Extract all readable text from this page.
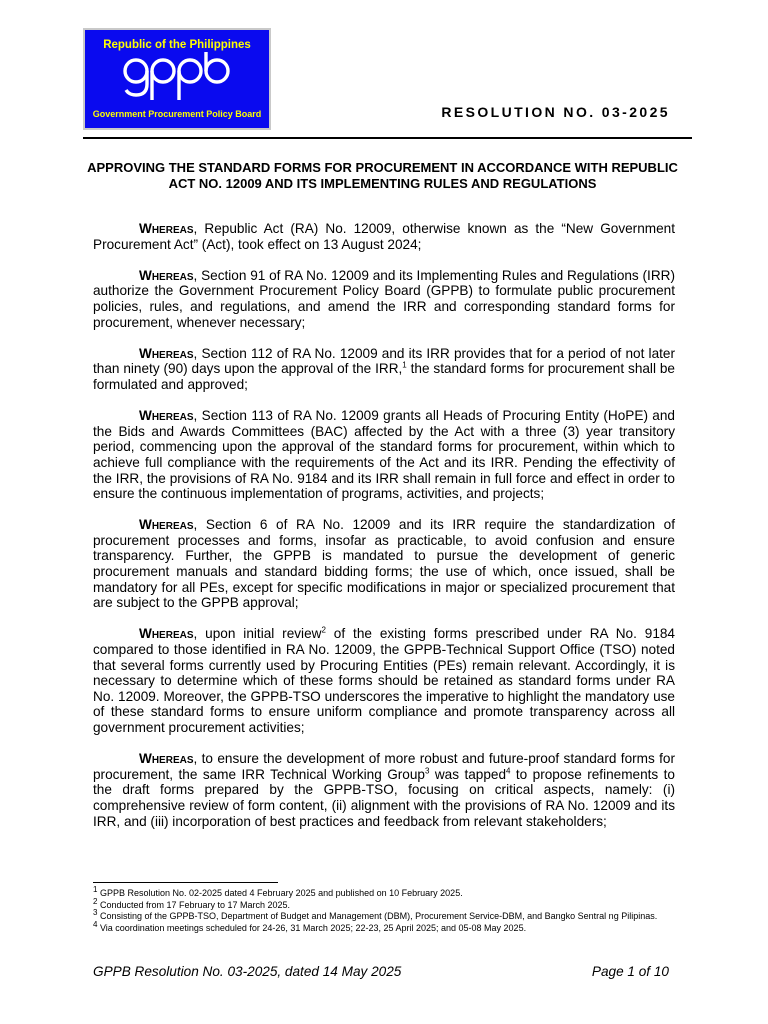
Republic of the Philippines
Government Procurement Policy Board	RESOLUTION NO. 03-2025
APPROVING THE STANDARD FORMS FOR PROCUREMENT IN ACCORDANCE WITH REPUBLIC ACT NO. 12009 AND ITS IMPLEMENTING RULES AND REGULATIONS

Whereas, Republic Act (RA) No. 12009, otherwise known as the “New Government Procurement Act” (Act), took effect on 13 August 2024;

Whereas, Section 91 of RA No. 12009 and its Implementing Rules and Regulations (IRR) authorize the Government Procurement Policy Board (GPPB) to formulate public procurement policies, rules, and regulations, and amend the IRR and corresponding standard forms for procurement, whenever necessary;

Whereas, Section 112 of RA No. 12009 and its IRR provides that for a period of not later than ninety (90) days upon the approval of the IRR,$^1$ the standard forms for procurement shall be formulated and approved;

Whereas, Section 113 of RA No. 12009 grants all Heads of Procuring Entity (HoPE) and the Bids and Awards Committees (BAC) affected by the Act with a three (3) year transitory period, commencing upon the approval of the standard forms for procurement, within which to achieve full compliance with the requirements of the Act and its IRR. Pending the effectivity of the IRR, the provisions of RA No. 9184 and its IRR shall remain in full force and effect in order to ensure the continuous implementation of programs, activities, and projects;

Whereas, Section 6 of RA No. 12009 and its IRR require the standardization of procurement processes and forms, insofar as practicable, to avoid confusion and ensure transparency. Further, the GPPB is mandated to pursue the development of generic procurement manuals and standard bidding forms; the use of which, once issued, shall be mandatory for all PEs, except for specific modifications in major or specialized procurement that are subject to the GPPB approval;

Whereas, upon initial review$^2$ of the existing forms prescribed under RA No. 9184 compared to those identified in RA No. 12009, the GPPB-Technical Support Office (TSO) noted that several forms currently used by Procuring Entities (PEs) remain relevant. Accordingly, it is necessary to determine which of these forms should be retained as standard forms under RA No. 12009. Moreover, the GPPB-TSO underscores the imperative to highlight the mandatory use of these standard forms to ensure uniform compliance and promote transparency across all government procurement activities;

Whereas, to ensure the development of more robust and future-proof standard forms for procurement, the same IRR Technical Working Group$^3$ was tapped$^4$ to propose refinements to the draft forms prepared by the GPPB-TSO, focusing on critical aspects, namely: (i) comprehensive review of form content, (ii) alignment with the provisions of RA No. 12009 and its IRR, and (iii) incorporation of best practices and feedback from relevant stakeholders;

$^1$ GPPB Resolution No. 02-2025 dated 4 February 2025 and published on 10 February 2025.
$^2$ Conducted from 17 February to 17 March 2025.
$^3$ Consisting of the GPPB-TSO, Department of Budget and Management (DBM), Procurement Service-DBM, and Bangko Sentral ng Pilipinas.
$^4$ Via coordination meetings scheduled for 24-26, 31 March 2025; 22-23, 25 April 2025; and 05-08 May 2025.
GPPB Resolution No. 03-2025, dated 14 May 2025	Page 1 of 10
